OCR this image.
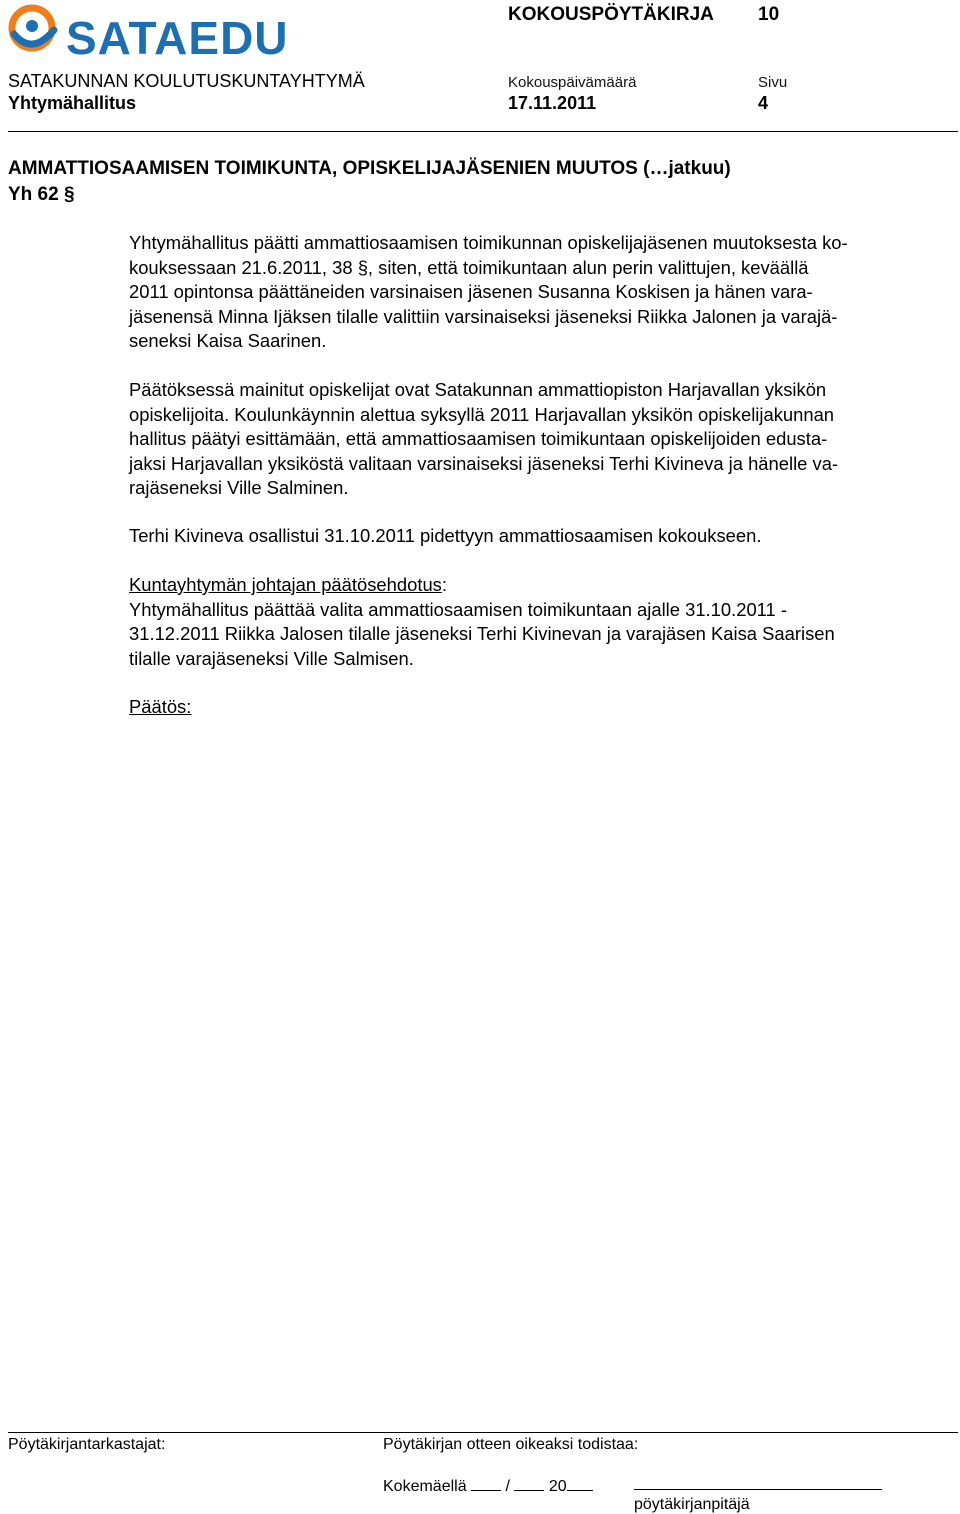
SATAEDU	KOKOUSPÖYTÄKIRJA 10
SATAKUNNAN KOULUTUSKUNTAYHTYMÄ	Kokouspäivämäärä	Sivu
Yhtymähallitus	17.11.2011	4
AMMATTIOSAAMISEN TOIMIKUNTA, OPISKELIJAJÄSENIEN MUUTOS (…jatkuu)
Yh 62 §
Yhtymähallitus päätti ammattiosaamisen toimikunnan opiskelijajäsenen muutoksesta ko-
kouksessaan 21.6.2011, 38 §, siten, että toimikuntaan alun perin valittujen, keväällä
2011 opintonsa päättäneiden varsinaisen jäsenen Susanna Koskisen ja hänen vara-
jäsenensä Minna Ijäksen tilalle valittiin varsinaiseksi jäseneksi Riikka Jalonen ja varajä-
seneksi Kaisa Saarinen.
Päätöksessä mainitut opiskelijat ovat Satakunnan ammattiopiston Harjavallan yksikön
opiskelijoita. Koulunkäynnin alettua syksyllä 2011 Harjavallan yksikön opiskelijakunnan
hallitus päätyi esittämään, että ammattiosaamisen toimikuntaan opiskelijoiden edusta-
jaksi Harjavallan yksiköstä valitaan varsinaiseksi jäseneksi Terhi Kivineva ja hänelle va-
rajäseneksi Ville Salminen.
Terhi Kivineva osallistui 31.10.2011 pidettyyn ammattiosaamisen kokoukseen.
Kuntayhtymän johtajan päätösehdotus:
Yhtymähallitus päättää valita ammattiosaamisen toimikuntaan ajalle 31.10.2011 -
31.12.2011 Riikka Jalosen tilalle jäseneksi Terhi Kivinevan ja varajäsen Kaisa Saarisen
tilalle varajäseneksi Ville Salmisen.
Päätös:
Pöytäkirjantarkastajat:	Pöytäkirjan otteen oikeaksi todistaa:
Kokemäellä / 20
pöytäkirjanpitäjä
